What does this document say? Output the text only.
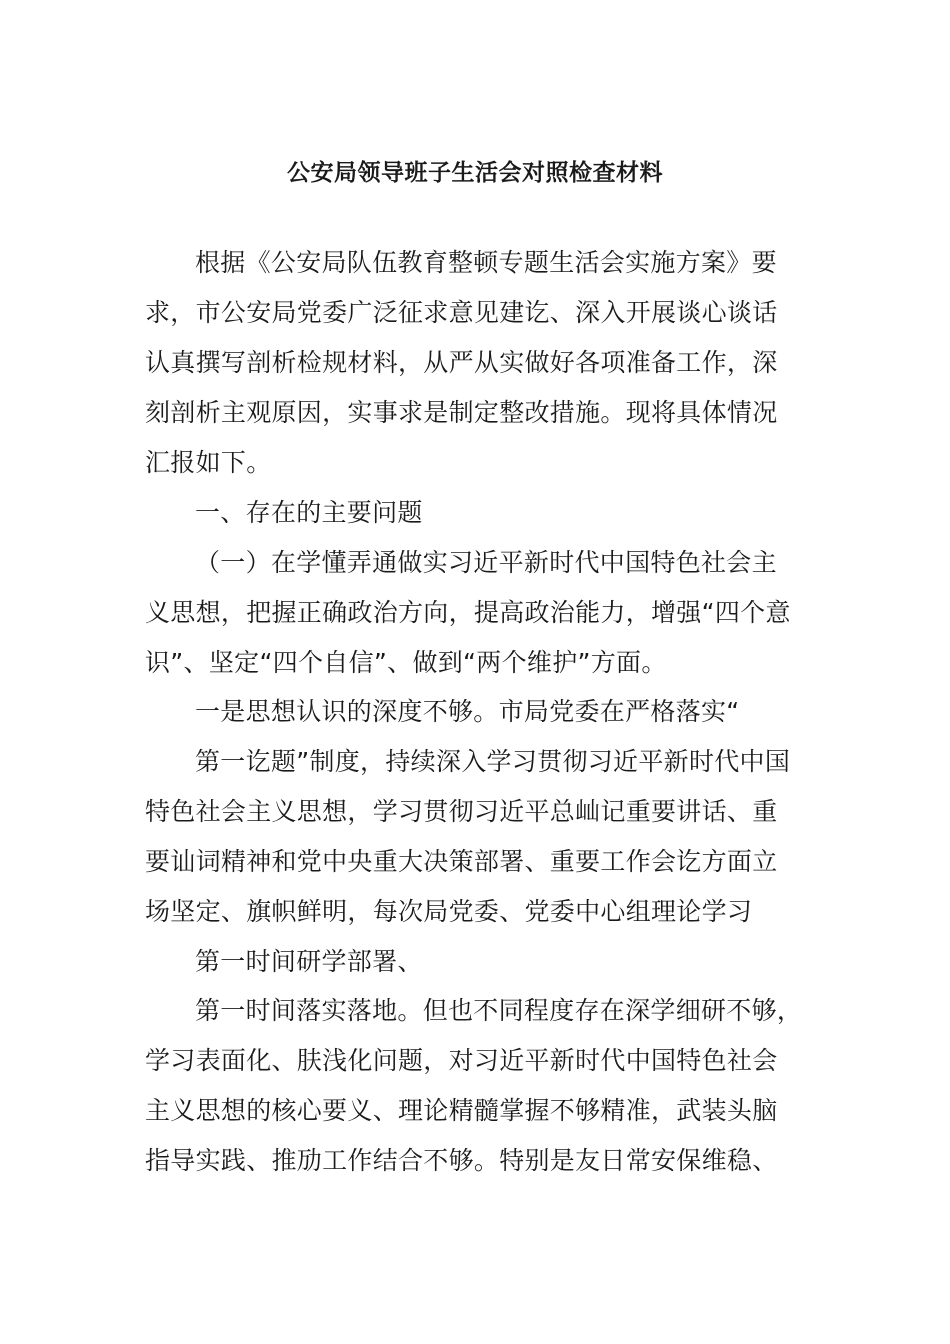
公安局领导班子生活会对照检查材料
根据《公安局队伍教育整顿专题生活会实施方案》要
求，市公安局党委广泛征求意见建讫、深入开展谈心谈话
认真撰写剖析检规材料，从严从实做好各项准备工作，深
刻剖析主观原因，实事求是制定整改措施。现将具体情况
汇报如下。
一、存在的主要问题
（一）在学懂弄通做实习近平新时代中国特色社会主
义思想，把握正确政治方向，提高政治能力，增强“四个意
识”、坚定“四个自信”、做到“两个维护”方面。
一是思想认识的深度不够。市局党委在严格落实“
第一讫题”制度，持续深入学习贯彻习近平新时代中国
特色社会主义思想，学习贯彻习近平总屾记重要讲话、重
要讪词精神和党中央重大决策部署、重要工作会讫方面立
场坚定、旗帜鲜明，每次局党委、党委中心组理论学习
第一时间研学部署、
第一时间落实落地。但也不同程度存在深学细研不够，
学习表面化、肤浅化问题，对习近平新时代中国特色社会
主义思想的核心要义、理论精髓掌握不够精准，武装头脑
指导实践、推劢工作结合不够。特别是友日常安保维稳、
